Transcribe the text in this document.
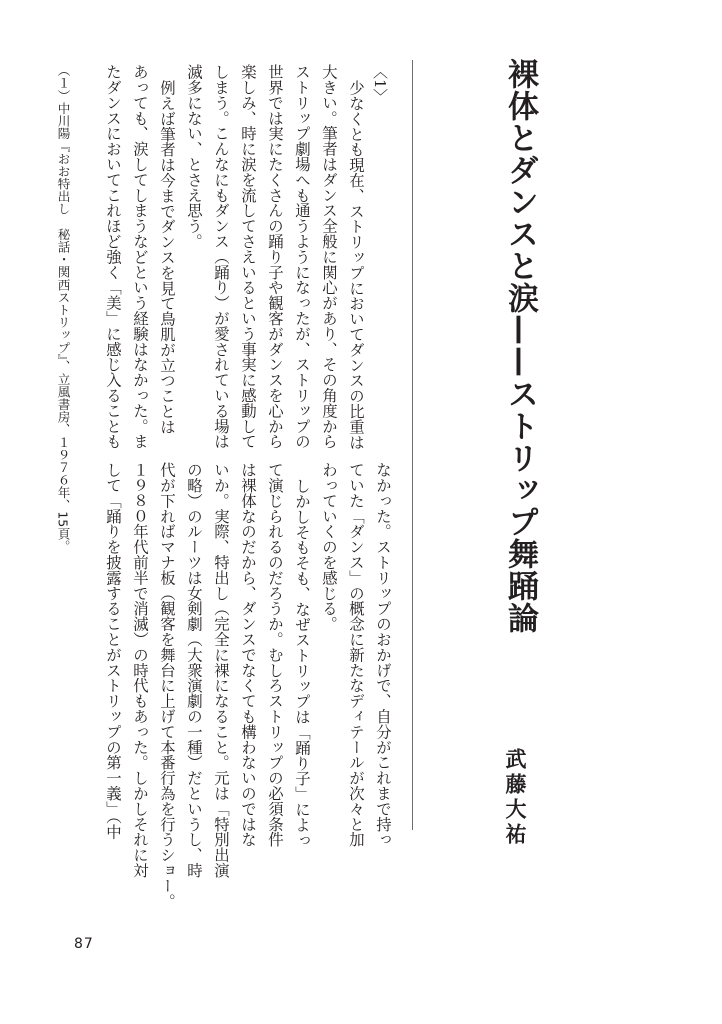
裸体とダンスと涙——ストリップ舞踊論
武藤大祐
〈1〉
少なくとも現在、ストリップにおいてダンスの比重は
大きい。筆者はダンス全般に関心があり、その角度から
ストリップ劇場へも通うようになったが、ストリップの
世界では実にたくさんの踊り子や観客がダンスを心から
楽しみ、時に涙を流してさえいるという事実に感動して
しまう。こんなにもダンス（踊り）が愛されている場は
滅多にない、とさえ思う。
例えば筆者は今までダンスを見て鳥肌が立つことは
あっても、涙してしまうなどという経験はなかった。ま
たダンスにおいてこれほど強く「美」に感じ入ることも
なかった。ストリップのおかげで、自分がこれまで持っ
ていた「ダンス」の概念に新たなディテールが次々と加
わっていくのを感じる。
しかしそもそも、なぜストリップは「踊り子」によっ
て演じられるのだろうか。むしろストリップの必須条件
は裸体なのだから、ダンスでなくても構わないのではな
いか。実際、特出し（完全に裸になること。元は「特別出演
の略）のルーツは女剣劇（大衆演劇の一種）だというし、時
代が下ればマナ板（観客を舞台に上げて本番行為を行うショー。
１９８０年代前半で消滅）の時代もあった。しかしそれに対
して「踊りを披露することがストリップの第一義」（中
（１）中川陽『おお特出し　秘話・関西ストリップ』、立風書房、１９７６年、15頁。
87
